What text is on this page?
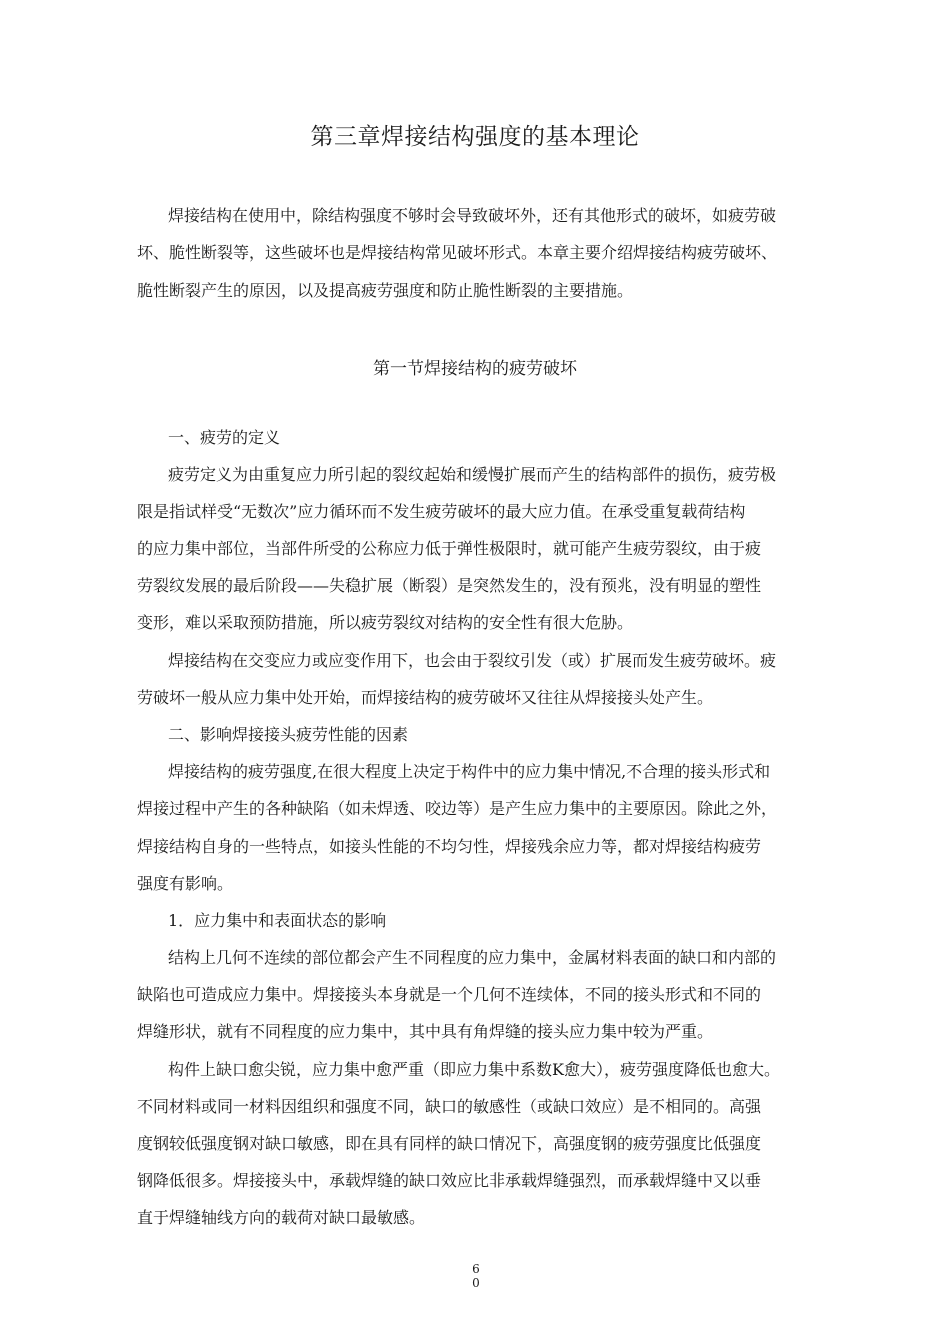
第三章焊接结构强度的基本理论

焊接结构在使用中，除结构强度不够时会导致破坏外，还有其他形式的破坏，如疲劳破

坏、脆性断裂等，这些破坏也是焊接结构常见破坏形式。本章主要介绍焊接结构疲劳破坏、

脆性断裂产生的原因，以及提高疲劳强度和防止脆性断裂的主要措施。

第一节焊接结构的疲劳破坏

一、疲劳的定义

疲劳定义为由重复应力所引起的裂纹起始和缓慢扩展而产生的结构部件的损伤，疲劳极

限是指试样受“无数次”应力循环而不发生疲劳破坏的最大应力值。在承受重复载荷结构

的应力集中部位，当部件所受的公称应力低于弹性极限时，就可能产生疲劳裂纹，由于疲

劳裂纹发展的最后阶段——失稳扩展（断裂）是突然发生的，没有预兆，没有明显的塑性

变形，难以采取预防措施，所以疲劳裂纹对结构的安全性有很大危胁。

焊接结构在交变应力或应变作用下，也会由于裂纹引发（或）扩展而发生疲劳破坏。疲

劳破坏一般从应力集中处开始，而焊接结构的疲劳破坏又往往从焊接接头处产生。

二、影响焊接接头疲劳性能的因素

焊接结构的疲劳强度,在很大程度上决定于构件中的应力集中情况,不合理的接头形式和

焊接过程中产生的各种缺陷（如未焊透、咬边等）是产生应力集中的主要原因。除此之外，

焊接结构自身的一些特点，如接头性能的不均匀性，焊接残余应力等，都对焊接结构疲劳

强度有影响。

1．应力集中和表面状态的影响

结构上几何不连续的部位都会产生不同程度的应力集中，金属材料表面的缺口和内部的

缺陷也可造成应力集中。焊接接头本身就是一个几何不连续体，不同的接头形式和不同的

焊缝形状，就有不同程度的应力集中，其中具有角焊缝的接头应力集中较为严重。

构件上缺口愈尖锐，应力集中愈严重（即应力集中系数K愈大），疲劳强度降低也愈大。

不同材料或同一材料因组织和强度不同，缺口的敏感性（或缺口效应）是不相同的。高强

度钢较低强度钢对缺口敏感，即在具有同样的缺口情况下，高强度钢的疲劳强度比低强度

钢降低很多。焊接接头中，承载焊缝的缺口效应比非承载焊缝强烈，而承载焊缝中又以垂

直于焊缝轴线方向的载荷对缺口最敏感。

6
0
